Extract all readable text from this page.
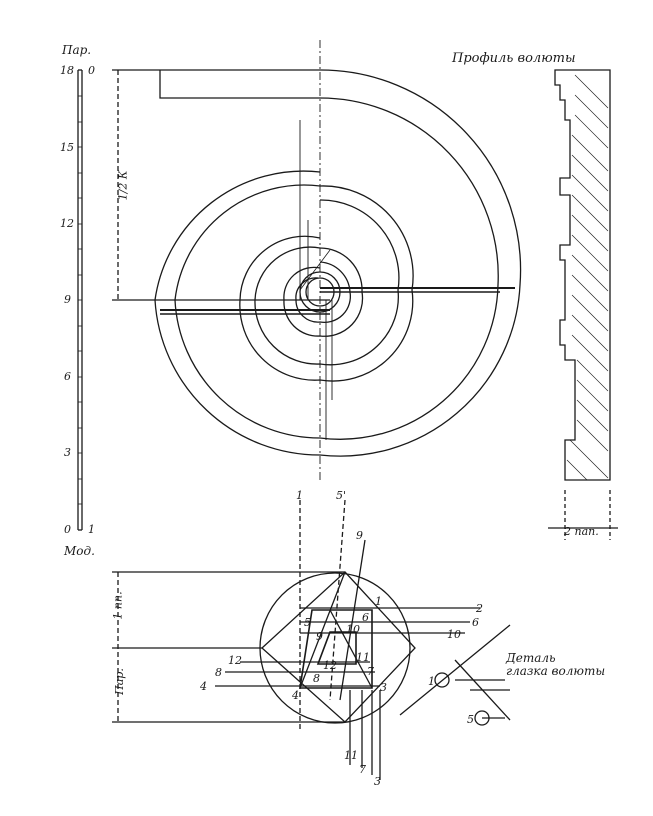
Пар.
Мод.
18
15
12
9
6
3
0
0
1
Профиль волюты
2 пап.
1/2 К
1 пп.
Пар.
1	5'
9
2
6
10
5
9
10
6
12
8
11
7
12
8
4	3
1
11
7
3
4
Деталь
глазка волюты
1
5
